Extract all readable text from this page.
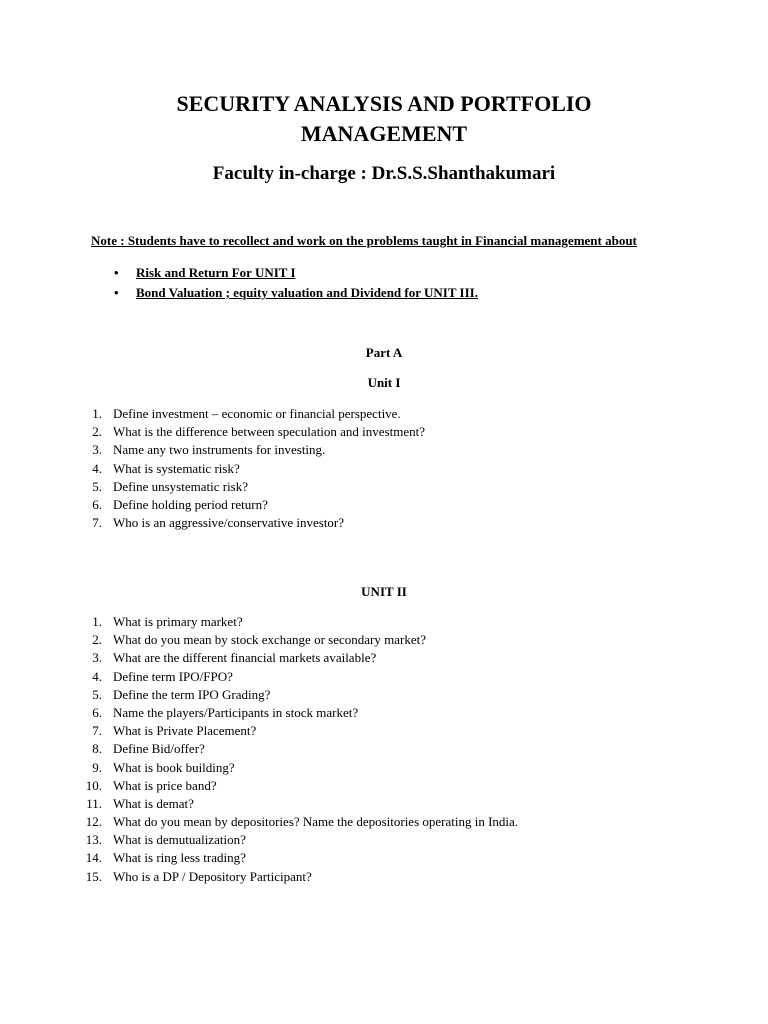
SECURITY ANALYSIS AND PORTFOLIO
MANAGEMENT
Faculty in-charge : Dr.S.S.Shanthakumari

Note : Students have to recollect and work on the problems taught in Financial management about

• Risk and Return For UNIT I
• Bond Valuation ; equity valuation and Dividend for UNIT III.

Part A

Unit I

1. Define investment – economic or financial perspective.
2. What is the difference between speculation and investment?
3. Name any two instruments for investing.
4. What is systematic risk?
5. Define unsystematic risk?
6. Define holding period return?
7. Who is an aggressive/conservative investor?

UNIT II

1. What is primary market?
2. What do you mean by stock exchange or secondary market?
3. What are the different financial markets available?
4. Define term IPO/FPO?
5. Define the term IPO Grading?
6. Name the players/Participants in stock market?
7. What is Private Placement?
8. Define Bid/offer?
9. What is book building?
10. What is price band?
11. What is demat?
12. What do you mean by depositories? Name the depositories operating in India.
13. What is demutualization?
14. What is ring less trading?
15. Who is a DP / Depository Participant?
